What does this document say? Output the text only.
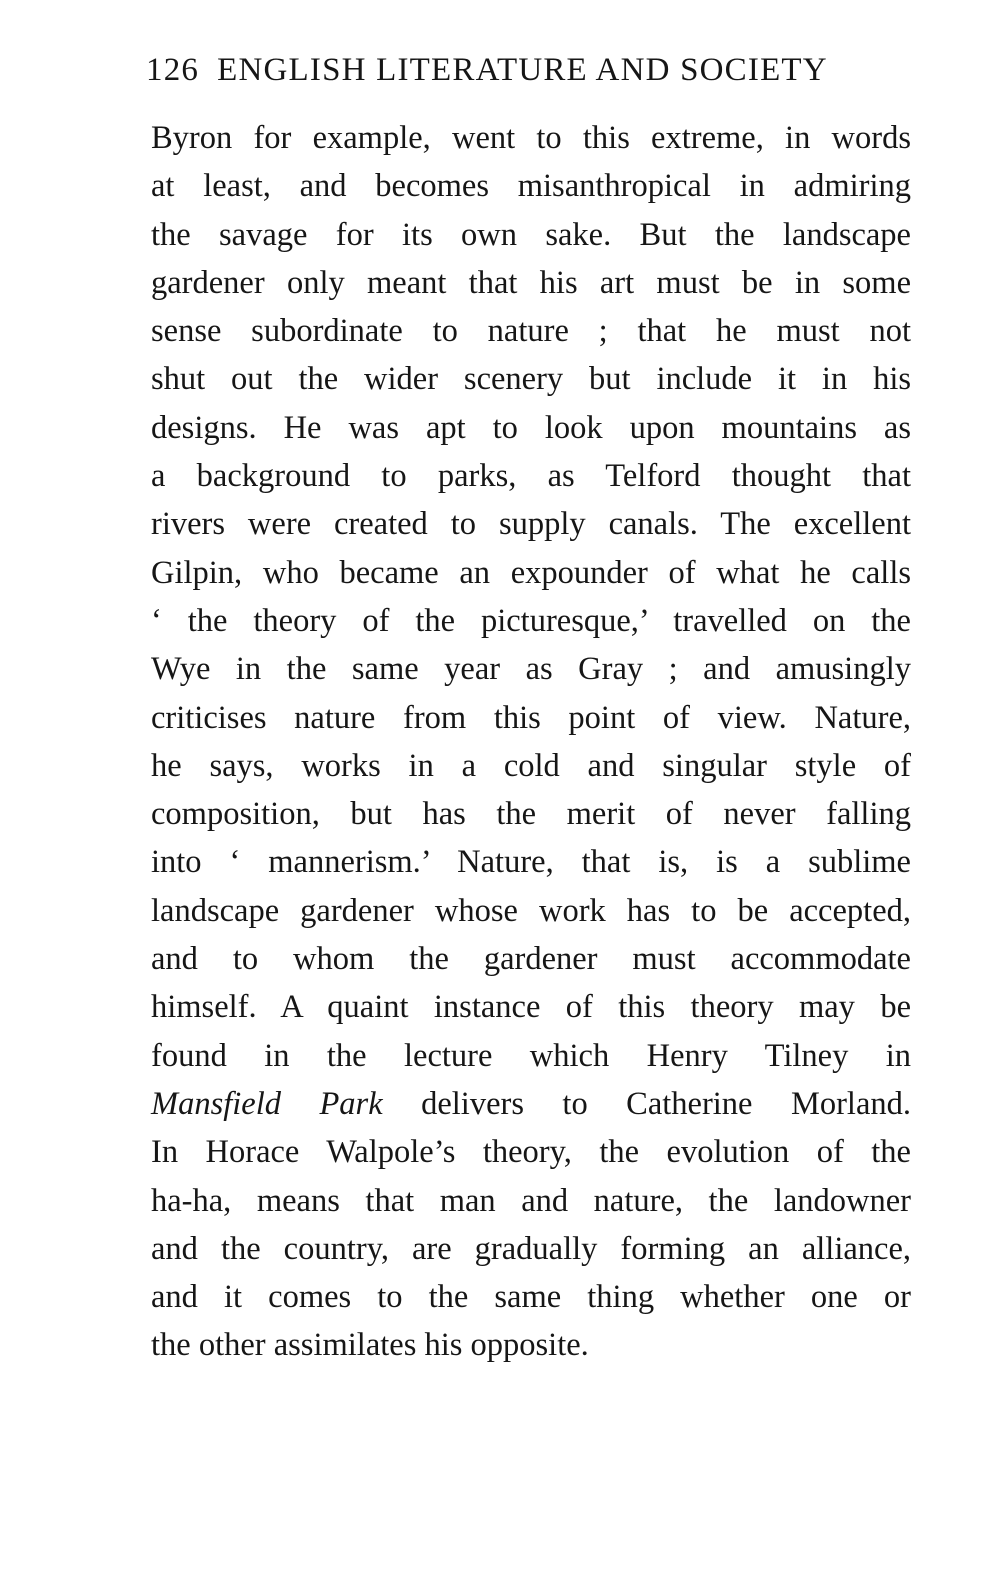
126 ENGLISH LITERATURE AND SOCIETY
Byron for example, went to this extreme, in words
at least, and becomes misanthropical in admiring
the savage for its own sake. But the landscape
gardener only meant that his art must be in some
sense subordinate to nature ; that he must not
shut out the wider scenery but include it in his
designs. He was apt to look upon mountains as
a background to parks, as Telford thought that
rivers were created to supply canals. The excellent
Gilpin, who became an expounder of what he calls
‘ the theory of the picturesque,’ travelled on the
Wye in the same year as Gray ; and amusingly
criticises nature from this point of view. Nature,
he says, works in a cold and singular style of
composition, but has the merit of never falling
into ‘ mannerism.’ Nature, that is, is a sublime
landscape gardener whose work has to be accepted,
and to whom the gardener must accommodate
himself. A quaint instance of this theory may be
found in the lecture which Henry Tilney in
Mansfield Park delivers to Catherine Morland.
In Horace Walpole’s theory, the evolution of the
ha-ha, means that man and nature, the landowner
and the country, are gradually forming an alliance,
and it comes to the same thing whether one or
the other assimilates his opposite.
